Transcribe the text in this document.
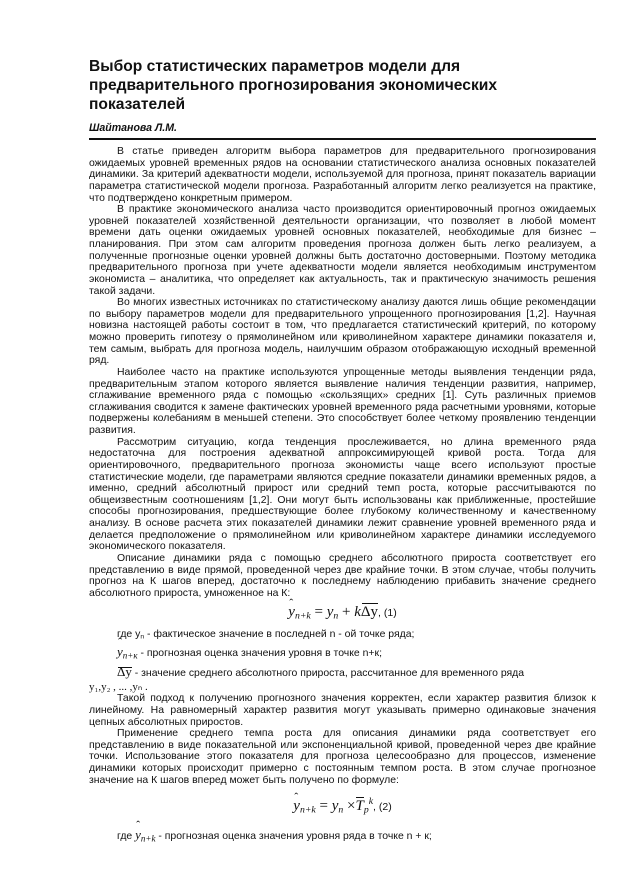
Выбор статистических параметров модели для
предварительного прогнозирования экономических показателей
Шайтанова Л.М.

В статье приведен алгоритм выбора параметров для предварительного прогнозирования ожидаемых уровней временных рядов на основании статистического анализа основных показателей динамики. За критерий адекватности модели, используемой для прогноза, принят показатель вариации параметра статистической модели прогноза. Разработанный алгоритм легко реализуется на практике, что подтверждено конкретным примером.

В практике экономического анализа часто производится ориентировочный прогноз ожидаемых уровней показателей хозяйственной деятельности организации, что позволяет в любой момент времени дать оценки ожидаемых уровней основных показателей, необходимые для бизнес – планирования. При этом сам алгоритм проведения прогноза должен быть легко реализуем, а полученные прогнозные оценки уровней должны быть достаточно достоверными. Поэтому методика предварительного прогноза при учете адекватности модели является необходимым инструментом экономиста – аналитика, что определяет как актуальность, так и практическую значимость решения такой задачи.

Во многих известных источниках по статистическому анализу даются лишь общие рекомендации по выбору параметров модели для предварительного упрощенного прогнозирования [1,2]. Научная новизна настоящей работы состоит в том, что предлагается статистический критерий, по которому можно проверить гипотезу о прямолинейном или криволинейном характере динамики показателя и, тем самым, выбрать для прогноза модель, наилучшим образом отображающую исходный временной ряд.

Наиболее часто на практике используются упрощенные методы выявления тенденции ряда, предварительным этапом которого является выявление наличия тенденции развития, например, сглаживание временного ряда с помощью «скользящих» средних [1]. Суть различных приемов сглаживания сводится к замене фактических уровней временного ряда расчетными уровнями, которые подвержены колебаниям в меньшей степени. Это способствует более четкому проявлению тенденции развития.

Рассмотрим ситуацию, когда тенденция прослеживается, но длина временного ряда недостаточна для построения адекватной аппроксимирующей кривой роста. Тогда для ориентировочного, предварительного прогноза экономисты чаще всего используют простые статистические модели, где параметрами являются средние показатели динамики временных рядов, а именно, средний абсолютный прирост или средний темп роста, которые рассчитываются по общеизвестным соотношениям [1,2]. Они могут быть использованы как приближенные, простейшие способы прогнозирования, предшествующие более глубокому количественному и качественному анализу. В основе расчета этих показателей динамики лежит сравнение уровней временного ряда и делается предположение о прямолинейном или криволинейном характере динамики исследуемого экономического показателя.

Описание динамики ряда с помощью среднего абсолютного прироста соответствует его представлению в виде прямой, проведенной через две крайние точки. В этом случае, чтобы получить прогноз на К шагов вперед, достаточно к последнему наблюдению прибавить значение среднего абсолютного прироста, умноженное на К:

ˆ $y_{n+k} = y_n + k\Delta y$, (1)

где $y_n$ - фактическое значение в последней n - ой точке ряда;

ˆ $y_{n+к}$ - прогнозная оценка значения уровня в точке n+к;

Δy - значение среднего абсолютного прироста, рассчитанное для временного ряда

y₁,y₂ , ... ,yₙ .

Такой подход к получению прогнозного значения корректен, если характер развития близок к линейному. На равномерный характер развития могут указывать примерно одинаковые значения цепных абсолютных приростов.

Применение среднего темпа роста для описания динамики ряда соответствует его представлению в виде показательной или экспоненциальной кривой, проведенной через две крайние точки. Использование этого показателя для прогноза целесообразно для процессов, изменение динамики которых происходит примерно с постоянным темпом роста. В этом случае прогнозное значение на К шагов вперед может быть получено по формуле:

ˆ $y_{n+k} = y_n \times T_p^k$, (2)

где ˆ $y_{n+k}$ - прогнозная оценка значения уровня ряда в точке n + к;
